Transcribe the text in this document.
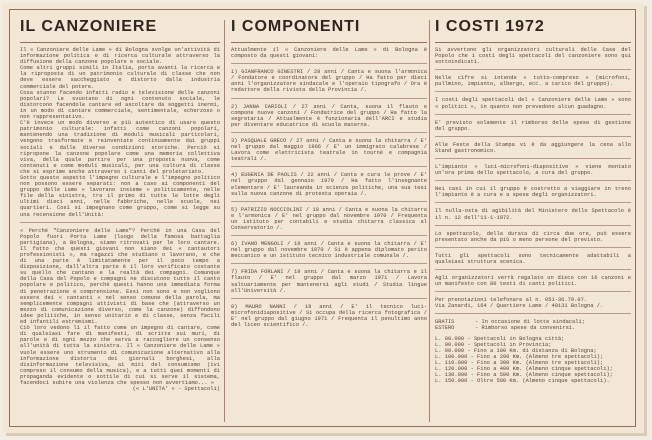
IL CANZONIERE

Il « Canzoniere delle Lame » di Bologna svolge un'attività di informazione politica e di ricerca culturale attraverso la diffusione della canzone popolare e sociale.

Come altri gruppi simili in Italia, porta avanti la ricerca e la riproposta di un patrimonio culturale di classe che non deve essere saccheggiato e distorto dalla industria commerciale del potere.

Cosa stanno facendo infatti radio e televisione delle canzoni popolari? Le svuotano di ogni contenuto sociale, le distorcono facendole cantare ed ascoltare da soggetti inermi, in un modo di cantare commerciale, sentimentale, scherzoso o non rappresentativo.

C'è invece un modo diverso e più autentico di usare questo patrimonio culturale: infatti come canzoni popolari, mantenendo una tradizione di moduli musicali particolari, vengono trasformate e reinventate continuamente dai gruppi sociali e dalle diverse condizioni storiche. Perciò si ripropone la canzone popolare come una memoria collettiva viva, della quale partire per una proposta nuova, come contenuti e come moduli musicali, per una cultura di classe che si esprime anche attraverso i canti del proletariato.

Sotto questo aspetto l'impegno culturale e l'impegno politico non possono essere separati: non a caso ai componenti del gruppo delle Lame « lavorano insieme » politicamente, nelle file della sinistra, tra il primo di tutte le lotte degli ultimi dieci anni, nelle fabbriche, nelle scuole, nei quartieri. Così si impegnano come gruppo, come si legge su una recensione dell'Unità:

« Perchè "Canzoniere delle Lame"? Perchè in una Casa del Popolo fuori Porta Lame (luogo della famosa battaglia partigiana), a Bologna, siamo ritrovati per le loro cantare. Il fatto che questi giovani non siano dei « cantautori professionisti », ma ragazzi che studiano o lavorano, e che di una parte è limitatamente per il poco tempo a disposizione, dall'altra parte è il loro verificato costante su quello che cantano e la realtà dei compagni. Comunque della Casa del Popolo e compagni ne discutono tutto il canto popolare e politico, perchè questi hanno una immediata forma di penetrazione e comprensione. Essi non sono e non vogliono essere dei « cantanti » nel senso comune della parola, ma semplicemente compagni attivisti di base che (attraverso un mezzo di comunicazione diverso, come la canzone) diffondono idee politiche, in senso unitario e di classe, senza facili ed infantili estremismi.

Ciò loro vedono lì il fatto come un impegno di cantare, come di qualsiasi fare di manifesti, di scritte sui muri, di parole e di ogni mezzo che serva a raccogliere un consenso all'unità di tutta la sinistra. Il « Canzoniere delle Lame » vuole essere uno strumento di comunicazione alternativo alla informazione distorta dei giornali borghesi, alla disinformazione televisiva, ai miti del consumismo (ivi compreso il consumo della musica), e a tutti quei momenti di propaganda evidente o sottile di cui si serve il sistema, facendoci subire una violenza che spesso non avvertiamo... »

(« L'UNITA' » - Spettacoli)

I COMPONENTI

Attualmente il « Canzoniere delle Lame » di Bologna è composto da questi giovani:

1) GIANFRANCO GINESTRI / 28 anni / Canta e suona l'armonica / Fondatore e coordinatore del gruppo / Ha fatto per dieci anni l'organizzatore sindacale e l'operaio tipografo / Ora è redattore della rivista della Provincia /.

2) JANNA CARIOLI / 27 anni / Canta, suona il flauto e compone nuove canzoni / Fondatrice del gruppo / Ha fatto la segretaria / Attualmente è funzionaria dell'ARCI e studia per diventare educatrice di scuola materna.

3) PASQUALE GRECO / 27 anni / Canta e suona la chitarra / E' nel gruppo dal maggio 1966 / E' un immigrato calabrese / Lavora come elettricista teatrale in tourné e compagnia teatrali /.

4) EUGENIA DE PAOLIS / 22 anni / Canta e cura le prove / E' nel gruppo dal gennaio 1970 / Ha fatto l'insegnante elementare / E' laureanda in scienze politiche, una sua tesi sulla nuova canzone di protesta operaia /.

5) PATRIZIO NOCCIOLINI / 18 anni / Canta e suona la chitarra e l'armonica / E' nel gruppo dal novembre 1970 / Frequenta un istituto per contabili e studia chitarra classica al Conservatorio /.

6) IVANO MENGOLI / 19 anni / Canta e suona la chitarra / E' nel gruppo dal novembre 1970 / Si è appena diplomato perito meccanico e un istituto tecnico industriale comunale /.

7) FRIDA FORLANI / 19 anni / Canta e suona la chitarra e il flauto / E' nel gruppo dal marzo 1971 / Lavora saltuariamente per mantenersi agli studi / Studia lingue all'Università /.

8) MAURO NANNI / 18 anni / E' il tecnico luci-microfonidiapositive / Si occupa della ricerca fotografica / E' nel gruppo dal giugno 1971 / Frequenta il penultimo anno del liceo scientifico /.

I COSTI 1972

Si avvertono gli organizzatori culturali delle Case del Popolo che i costi degli spettacoli del canzoniere sono qui sottoindicati.

Nelle cifre si intende « tutto-compreso » (microfoni, pullmino, impianto, albergo, ecc. a carico del gruppo).

I costi degli spettacoli del « Canzoniere delle Lame » sono « politici », in quanto non prevedono alcun guadagno.

E' previsto solamente il rimborso delle spese di gestione del gruppo.

Alle Feste della Stampa vi è da aggiungere la cena allo Stand gastronomico.

L'impianto « luci-microfoni-diapositive » viene montato un'ora prima dello spettacolo, a cura del gruppo.

Nei casi in cui il gruppo è costretto a viaggiare in treno l'impianto è a cura e a spese degli organizzatori.

Il nulla-osta di agibilità del Ministero dello Spettacolo è il n. 12 dell'11-1-1972.

Lo spettacolo, della durata di circa due ore, può essere presentato anche da più o meno persone del previsto.

Tutti gli spettacoli sono tecnicamente adattabili a qualsiasi struttura scenica.

Agli organizzatori verrà regalato un disco con 16 canzoni e un manifesto con 80 testi di canti politici.

Per prenotazioni telefonare al n. 051-36.79.07.

Via Zanardi, 164 / Quartiere Lame / 40131 Bologna /.

GRATIS	- In occasione di lotte sindacali;
ESTERO	- Rimborso spese da convenirsi.
L. 80.000 - Spettacoli in Bologna città;
L. 90.000 - Spettacoli in Provincia;
L. 90.000 - Fino a 100 Km. di distanza di Bologna;
L. 100.000 - Fino a 200 Km. (Almeno tre spettacoli);
L. 110.000 - Fino a 300 Km. (Almeno tre spettacoli);
L. 120.000 - Fino a 400 Km. (Almeno cinque spettacoli);
L. 130.000 - Fino a 500 Km. (Almeno cinque spettacoli);
L. 150.000 - Oltre 500 Km. (Almeno cinque spettacoli).
